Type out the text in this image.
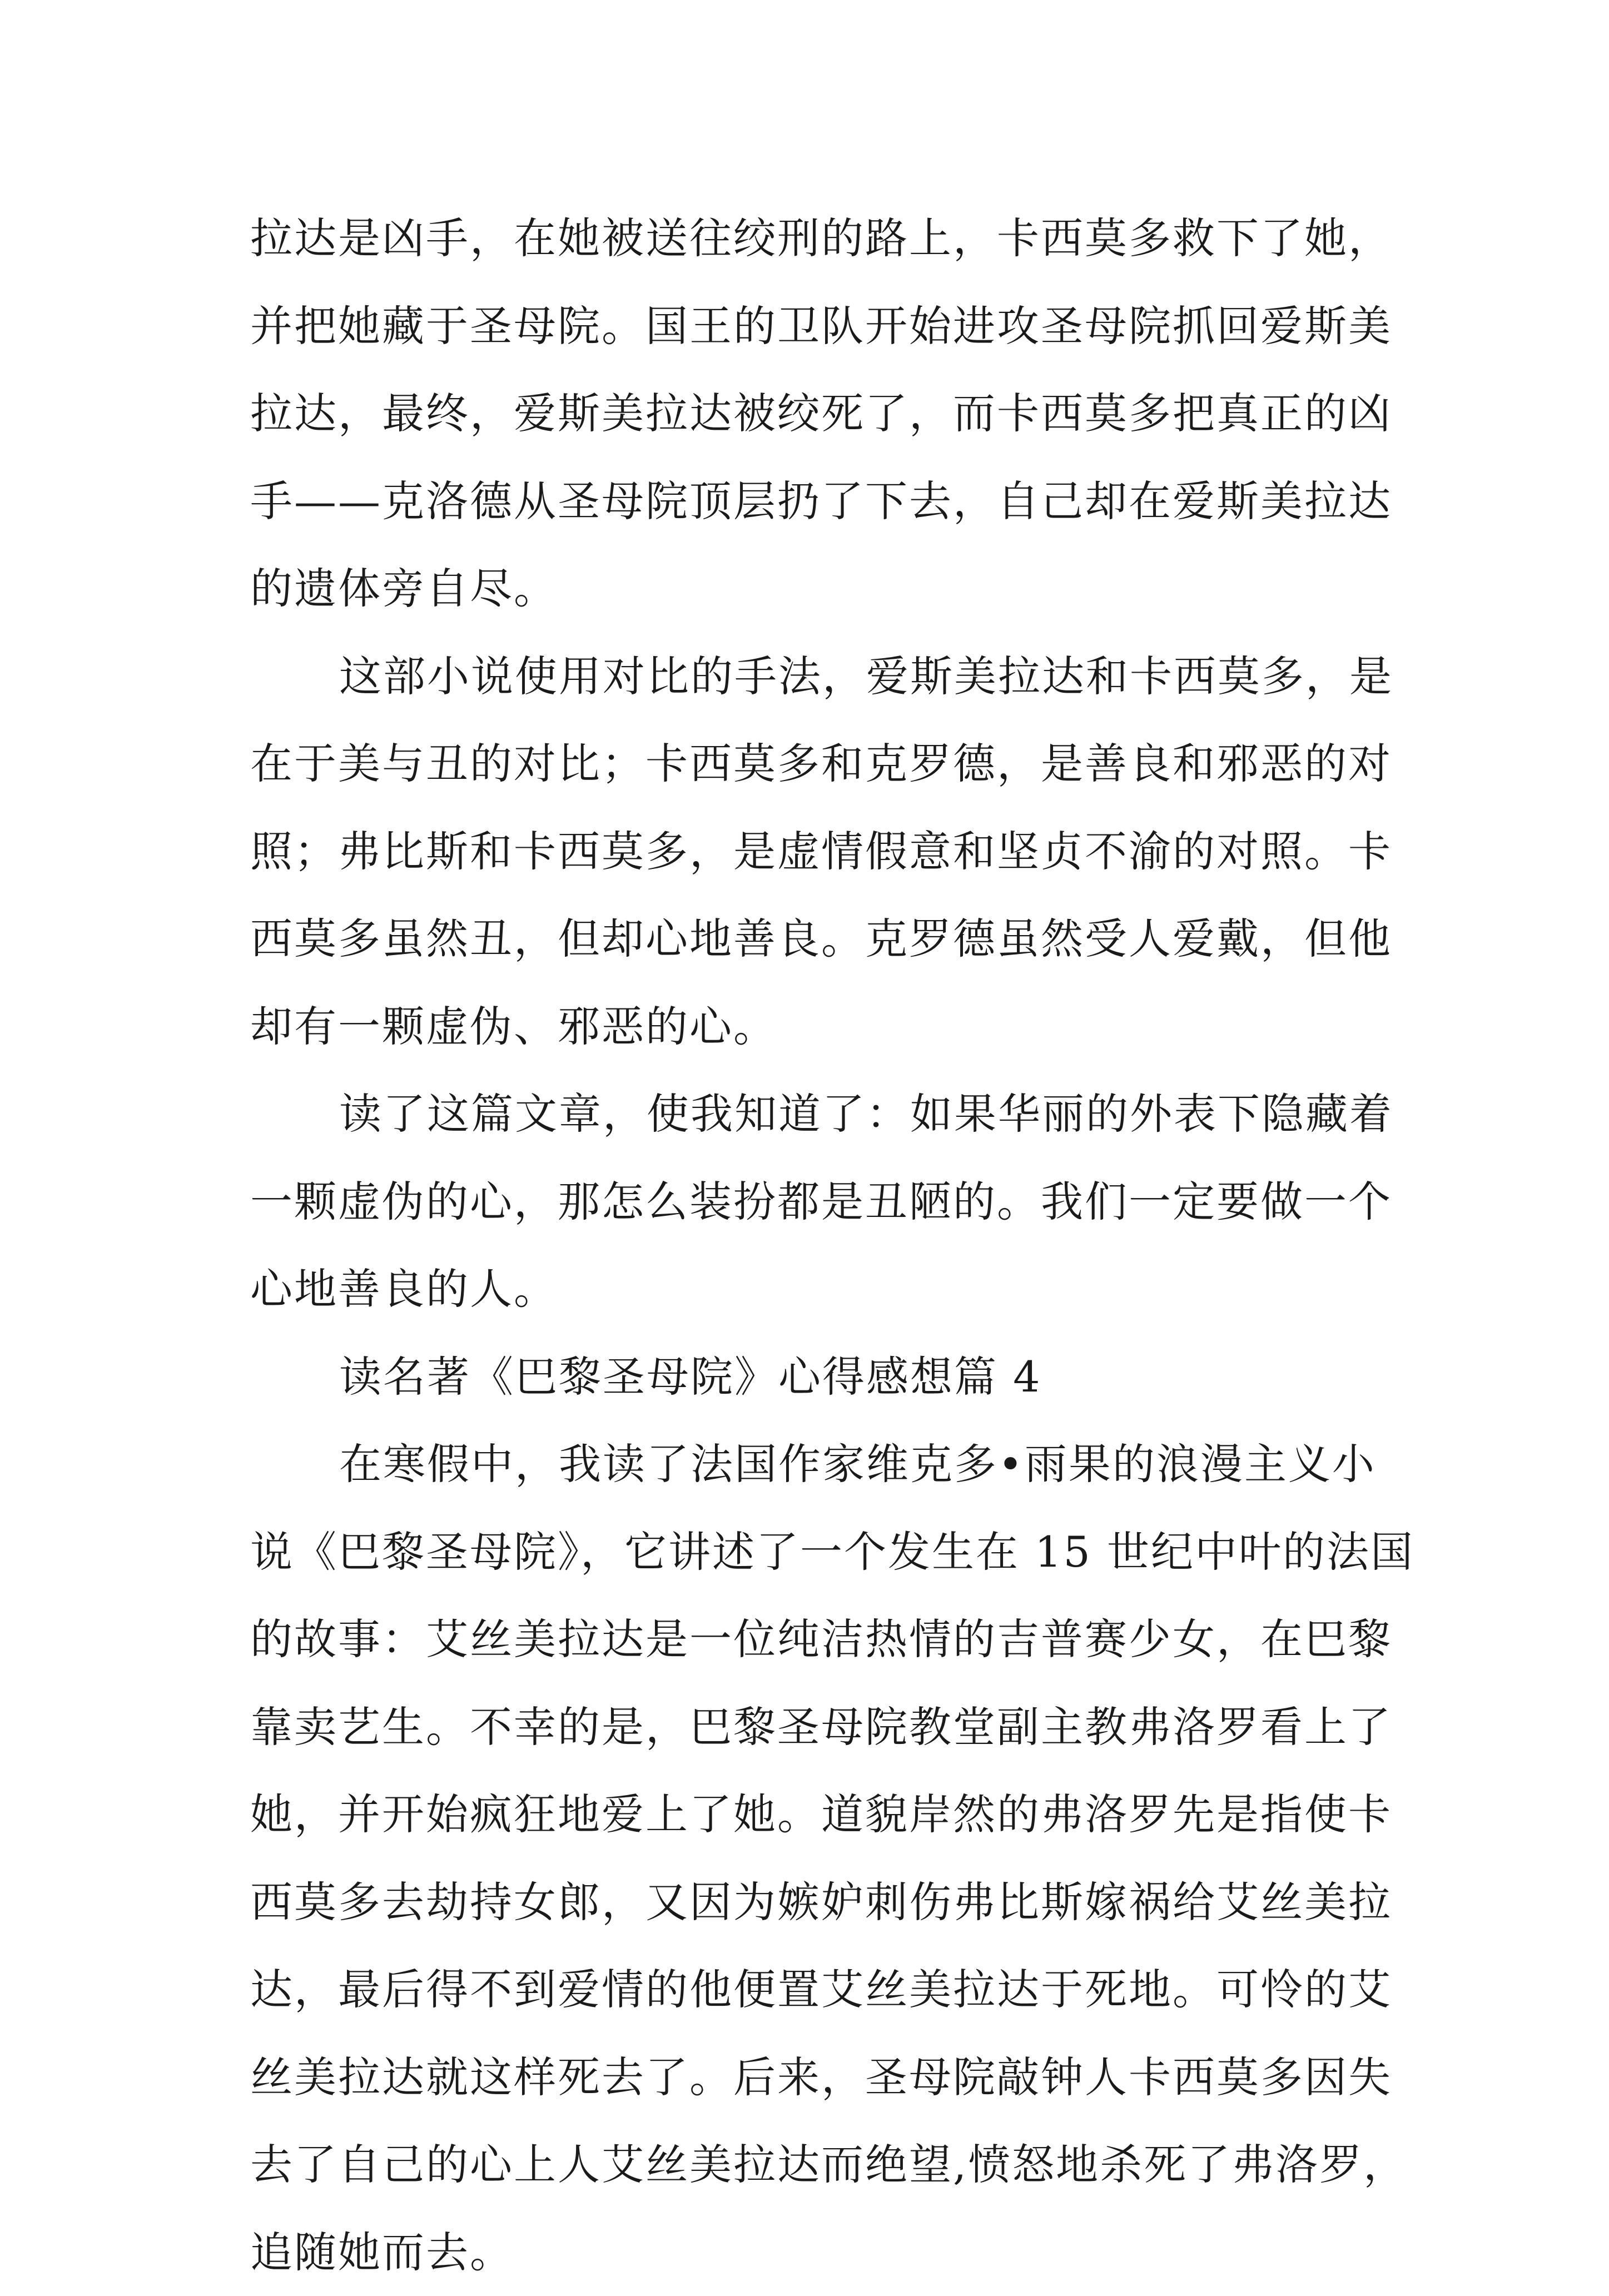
拉达是凶手，在她被送往绞刑的路上，卡西莫多救下了她，
并把她藏于圣母院。国王的卫队开始进攻圣母院抓回爱斯美
拉达，最终，爱斯美拉达被绞死了，而卡西莫多把真正的凶
手——克洛德从圣母院顶层扔了下去，自己却在爱斯美拉达
的遗体旁自尽。
这部小说使用对比的手法，爱斯美拉达和卡西莫多，是
在于美与丑的对比；卡西莫多和克罗德，是善良和邪恶的对
照；弗比斯和卡西莫多，是虚情假意和坚贞不渝的对照。卡
西莫多虽然丑，但却心地善良。克罗德虽然受人爱戴，但他
却有一颗虚伪、邪恶的心。
读了这篇文章，使我知道了：如果华丽的外表下隐藏着
一颗虚伪的心，那怎么装扮都是丑陋的。我们一定要做一个
心地善良的人。
读名著《巴黎圣母院》心得感想篇 4
在寒假中，我读了法国作家维克多•雨果的浪漫主义小
说《巴黎圣母院》，它讲述了一个发生在 15 世纪中叶的法国
的故事：艾丝美拉达是一位纯洁热情的吉普赛少女，在巴黎
靠卖艺生。不幸的是，巴黎圣母院教堂副主教弗洛罗看上了
她，并开始疯狂地爱上了她。道貌岸然的弗洛罗先是指使卡
西莫多去劫持女郎，又因为嫉妒刺伤弗比斯嫁祸给艾丝美拉
达，最后得不到爱情的他便置艾丝美拉达于死地。可怜的艾
丝美拉达就这样死去了。后来，圣母院敲钟人卡西莫多因失
去了自己的心上人艾丝美拉达而绝望,愤怒地杀死了弗洛罗，
追随她而去。
